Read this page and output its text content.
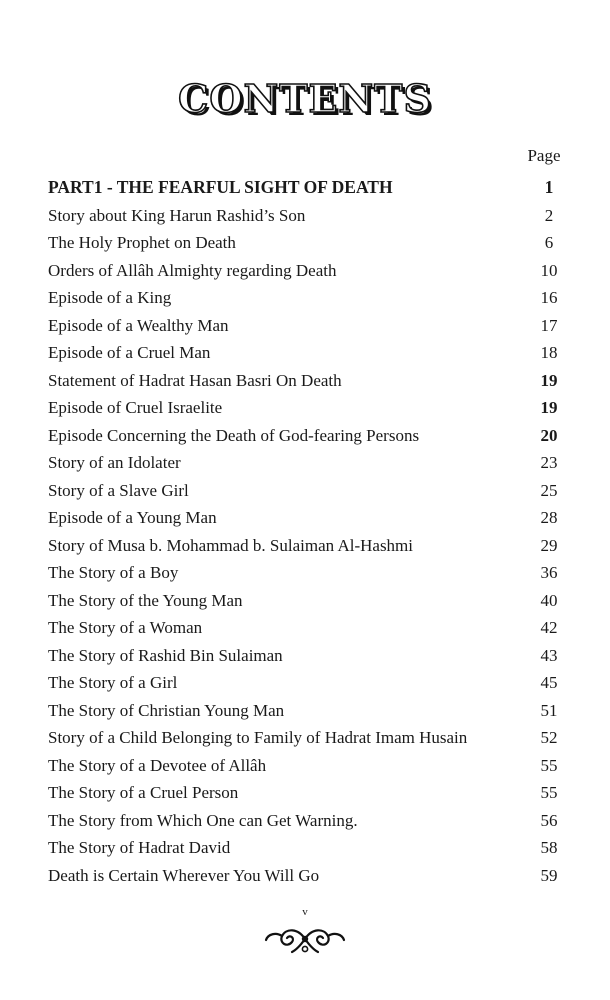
CONTENTS
Page
PART1 - THE FEARFUL SIGHT OF DEATH	1
Story about King Harun Rashid’s Son	2
The Holy Prophet on Death	6
Orders of Allâh Almighty regarding Death	10
Episode of a King	16
Episode of a Wealthy Man	17
Episode of a Cruel Man	18
Statement of Hadrat Hasan Basri On Death	19
Episode of Cruel Israelite	19
Episode Concerning the Death of God-fearing Persons	20
Story of an Idolater	23
Story of a Slave Girl	25
Episode of a Young Man	28
Story of Musa b. Mohammad b. Sulaiman Al-Hashmi	29
The Story of a Boy	36
The Story of the Young Man	40
The Story of a Woman	42
The Story of Rashid Bin Sulaiman	43
The Story of a Girl	45
The Story of Christian Young Man	51
Story of a Child Belonging to Family of Hadrat Imam Husain	52
The Story of a Devotee of Allâh	55
The Story of a Cruel Person	55
The Story from Which One can Get Warning.	56
The Story of Hadrat David	58
Death is Certain Wherever You Will Go	59
v
